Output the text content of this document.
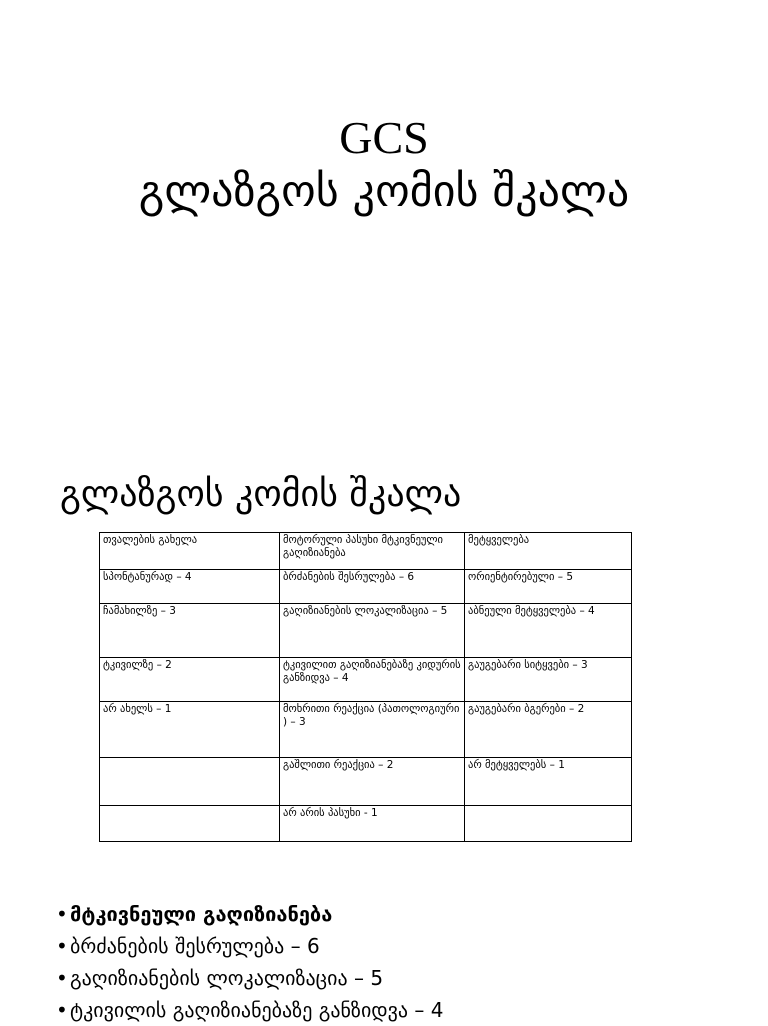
GCS
გლაზგოს კომის შკალა
გლაზგოს კომის შკალა
თვალების გახელა	მოტორული პასუხი მტკივნეული გაღიზიანება	მეტყველება
სპონტანურად – 4	ბრძანების შესრულება – 6	ორიენტირებული – 5
ჩამახილზე – 3	გაღიზიანების ლოკალიზაცია – 5	აბნეული მეტყველება – 4
ტკივილზე – 2	ტკივილით გაღიზიანებაზე კიდურის განზიდვა – 4	გაუგებარი სიტყვები – 3
არ ახელს – 1	მოხრითი რეაქცია (პათოლოგიური ) – 3	გაუგებარი ბგერები – 2
	გაშლითი რეაქცია – 2	არ მეტყველებს – 1
	არ არის პასუხი - 1	
• მტკივნეული გაღიზიანება
• ბრძანების შესრულება – 6
• გაღიზიანების ლოკალიზაცია – 5
• ტკივილის გაღიზიანებაზე განზიდვა – 4
